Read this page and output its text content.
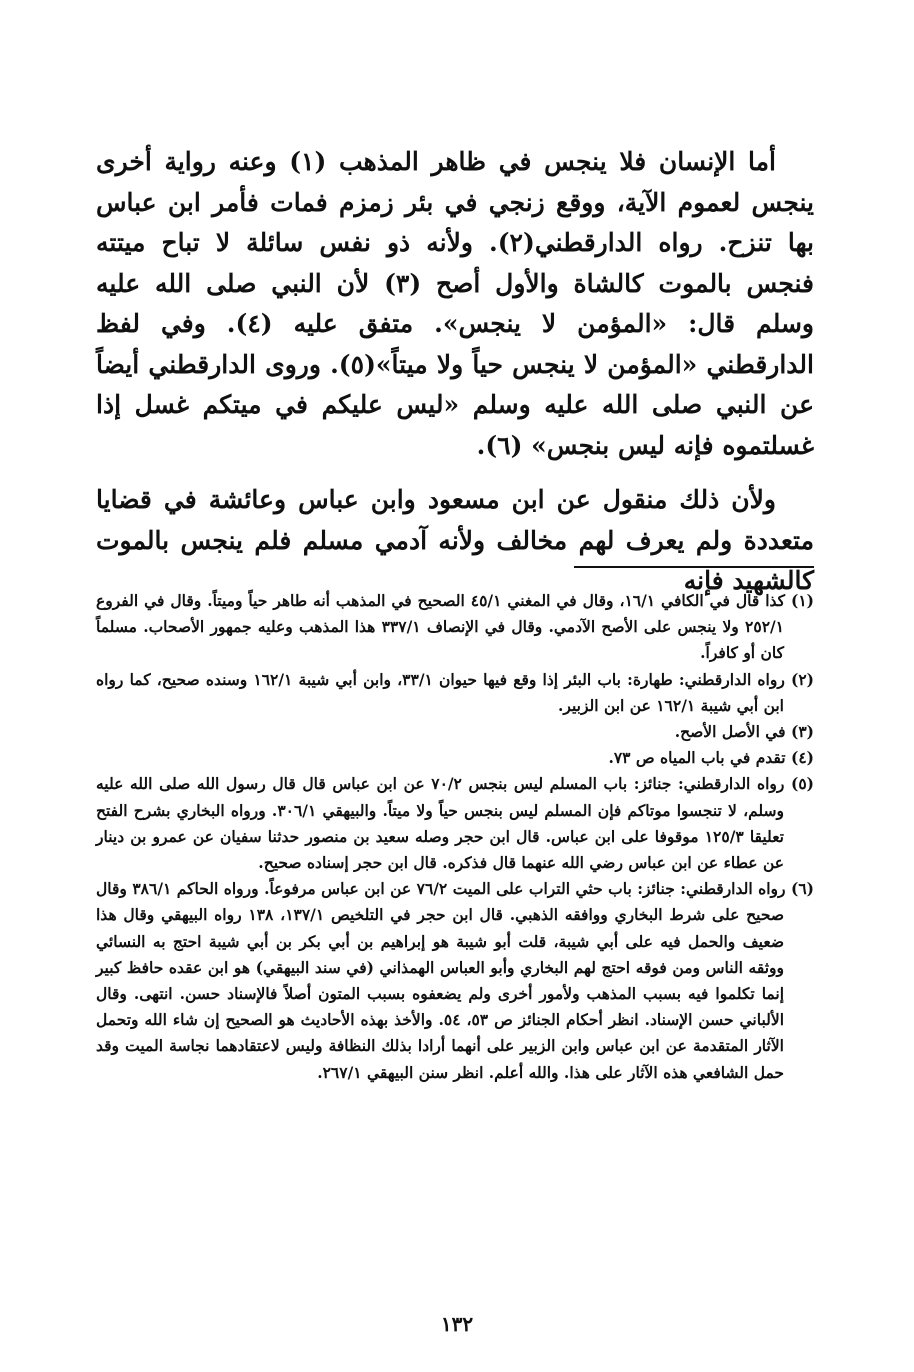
أما الإنسان فلا ينجس في ظاهر المذهب (١) وعنه رواية أخرى ينجس لعموم الآية، ووقع زنجي في بئر زمزم فمات فأمر ابن عباس بها تنزح. رواه الدارقطني(٢). ولأنه ذو نفس سائلة لا تباح ميتته فنجس بالموت كالشاة والأول أصح (٣) لأن النبي صلى الله عليه وسلم قال: «المؤمن لا ينجس». متفق عليه (٤). وفي لفظ الدارقطني «المؤمن لا ينجس حياً ولا ميتاً»(٥). وروى الدارقطني أيضاً عن النبي صلى الله عليه وسلم «ليس عليكم في ميتكم غسل إذا غسلتموه فإنه ليس بنجس» (٦).

ولأن ذلك منقول عن ابن مسعود وابن عباس وعائشة في قضايا متعددة ولم يعرف لهم مخالف ولأنه آدمي مسلم فلم ينجس بالموت كالشهيد فإنه

(١) كذا قال في الكافي ١٦/١، وقال في المغني ٤٥/١ الصحيح في المذهب أنه طاهر حياً وميتاً. وقال في الفروع ٢٥٢/١ ولا ينجس على الأصح الآدمي. وقال في الإنصاف ٣٣٧/١ هذا المذهب وعليه جمهور الأصحاب. مسلماً كان أو كافراً.

(٢) رواه الدارقطني: طهارة: باب البئر إذا وقع فيها حيوان ٣٣/١، وابن أبي شيبة ١٦٢/١ وسنده صحيح، كما رواه ابن أبي شيبة ١٦٢/١ عن ابن الزبير.

(٣) في الأصل الأصح.

(٤) تقدم في باب المياه ص ٧٣.

(٥) رواه الدارقطني: جنائز: باب المسلم ليس بنجس ٧٠/٢ عن ابن عباس قال قال رسول الله صلى الله عليه وسلم، لا تنجسوا موتاكم فإن المسلم ليس بنجس حياً ولا ميتاً. والبيهقي ٣٠٦/١. ورواه البخاري بشرح الفتح تعليقا ١٢٥/٣ موقوفا على ابن عباس. قال ابن حجر وصله سعيد بن منصور حدثنا سفيان عن عمرو بن دينار عن عطاء عن ابن عباس رضي الله عنهما قال فذكره. قال ابن حجر إسناده صحيح.

(٦) رواه الدارقطني: جنائز: باب حثي التراب على الميت ٧٦/٢ عن ابن عباس مرفوعاً. ورواه الحاكم ٣٨٦/١ وقال صحيح على شرط البخاري ووافقه الذهبي. قال ابن حجر في التلخيص ١٣٧/١، ١٣٨ رواه البيهقي وقال هذا ضعيف والحمل فيه على أبي شيبة، قلت أبو شيبة هو إبراهيم بن أبي بكر بن أبي شيبة احتج به النسائي ووثقه الناس ومن فوقه احتج لهم البخاري وأبو العباس الهمذاني (في سند البيهقي) هو ابن عقده حافظ كبير إنما تكلموا فيه بسبب المذهب ولأمور أخرى ولم يضعفوه بسبب المتون أصلاً فالإسناد حسن. انتهى. وقال الألباني حسن الإسناد. انظر أحكام الجنائز ص ٥٣، ٥٤. والأخذ بهذه الأحاديث هو الصحيح إن شاء الله وتحمل الآثار المتقدمة عن ابن عباس وابن الزبير على أنهما أرادا بذلك النظافة وليس لاعتقادهما نجاسة الميت وقد حمل الشافعي هذه الآثار على هذا. والله أعلم. انظر سنن البيهقي ٢٦٧/١.

١٣٢
